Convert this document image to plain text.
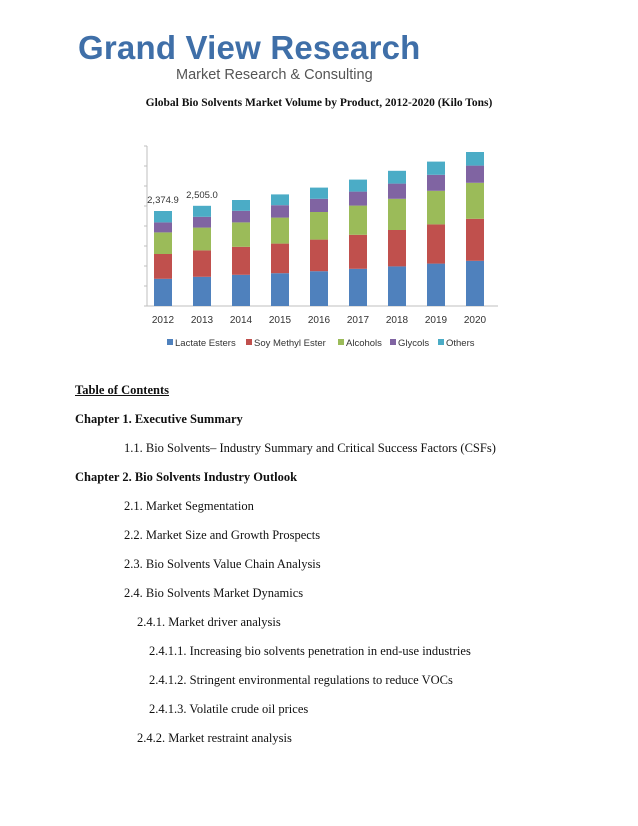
Grand View Research
Market Research & Consulting
Global Bio Solvents Market Volume by Product, 2012-2020 (Kilo Tons)
2012 2013 2014 2015 2016 2017 2018 2019 2020
2,374.9 2,505.0
Lactate Esters Soy Methyl Ester Alcohols Glycols Others
Table of Contents
Chapter 1. Executive Summary
1.1. Bio Solvents– Industry Summary and Critical Success Factors (CSFs)
Chapter 2. Bio Solvents Industry Outlook
2.1. Market Segmentation
2.2. Market Size and Growth Prospects
2.3. Bio Solvents Value Chain Analysis
2.4. Bio Solvents Market Dynamics
2.4.1. Market driver analysis
2.4.1.1. Increasing bio solvents penetration in end-use industries
2.4.1.2. Stringent environmental regulations to reduce VOCs
2.4.1.3. Volatile crude oil prices
2.4.2. Market restraint analysis
